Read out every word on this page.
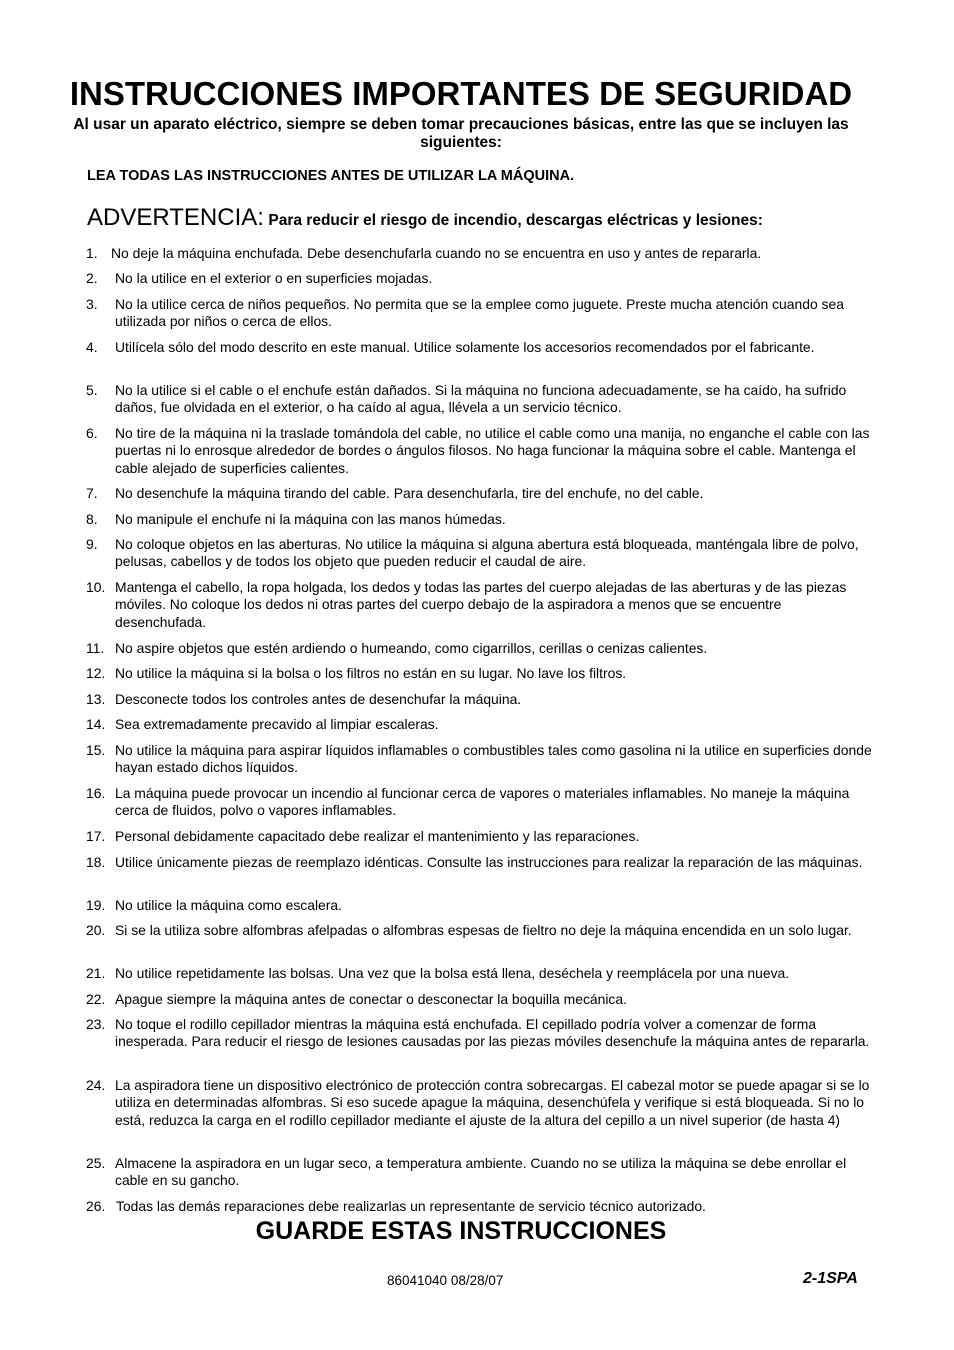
INSTRUCCIONES IMPORTANTES DE SEGURIDAD

Al usar un aparato eléctrico, siempre se deben tomar precauciones básicas, entre las que se incluyen las siguientes:

LEA TODAS LAS INSTRUCCIONES ANTES DE UTILIZAR LA MÁQUINA.

ADVERTENCIA: Para reducir el riesgo de incendio, descargas eléctricas y lesiones:

1. No deje la máquina enchufada. Debe desenchufarla cuando no se encuentra en uso y antes de repararla.
2.	No la utilice en el exterior o en superficies mojadas.
3.	No la utilice cerca de niños pequeños. No permita que se la emplee como juguete. Preste mucha atención cuando sea utilizada por niños o cerca de ellos.
4.	Utilícela sólo del modo descrito en este manual. Utilice solamente los accesorios recomendados por el fabricante.
5.	No la utilice si el cable o el enchufe están dañados. Si la máquina no funciona adecuadamente, se ha caído, ha sufrido daños, fue olvidada en el exterior, o ha caído al agua, llévela a un servicio técnico.
6.	No tire de la máquina ni la traslade tomándola del cable, no utilice el cable como una manija, no enganche el cable con las puertas ni lo enrosque alrededor de bordes o ángulos filosos. No haga funcionar la máquina sobre el cable. Mantenga el cable alejado de superficies calientes.
7.	No desenchufe la máquina tirando del cable. Para desenchufarla, tire del enchufe, no del cable.
8.	No manipule el enchufe ni la máquina con las manos húmedas.
9.	No coloque objetos en las aberturas. No utilice la máquina si alguna abertura está bloqueada, manténgala libre de polvo, pelusas, cabellos y de todos los objeto que pueden reducir el caudal de aire.
10. Mantenga el cabello, la ropa holgada, los dedos y todas las partes del cuerpo alejadas de las aberturas y de las piezas móviles. No coloque los dedos ni otras partes del cuerpo debajo de la aspiradora a menos que se encuentre desenchufada.
11. No aspire objetos que estén ardiendo o humeando, como cigarrillos, cerillas o cenizas calientes.
12. No utilice la máquina si la bolsa o los filtros no están en su lugar. No lave los filtros.
13. Desconecte todos los controles antes de desenchufar la máquina.
14. Sea extremadamente precavido al limpiar escaleras.
15. No utilice la máquina para aspirar líquidos inflamables o combustibles tales como gasolina ni la utilice en superficies donde hayan estado dichos líquidos.
16. La máquina puede provocar un incendio al funcionar cerca de vapores o materiales inflamables. No maneje la máquina cerca de fluidos, polvo o vapores inflamables.
17. Personal debidamente capacitado debe realizar el mantenimiento y las reparaciones.
18. Utilice únicamente piezas de reemplazo idénticas. Consulte las instrucciones para realizar la reparación de las máquinas.
19. No utilice la máquina como escalera.
20. Si se la utiliza sobre alfombras afelpadas o alfombras espesas de fieltro no deje la máquina encendida en un solo lugar.
21. No utilice repetidamente las bolsas. Una vez que la bolsa está llena, deséchela y reemplácela por una nueva.
22. Apague siempre la máquina antes de conectar o desconectar la boquilla mecánica.
23. No toque el rodillo cepillador mientras la máquina está enchufada. El cepillado podría volver a comenzar de forma inesperada. Para reducir el riesgo de lesiones causadas por las piezas móviles desenchufe la máquina antes de repararla.
24. La aspiradora tiene un dispositivo electrónico de protección contra sobrecargas. El cabezal motor se puede apagar si se lo utiliza en determinadas alfombras. Si eso sucede apague la máquina, desenchúfela y verifique si está bloqueada. Si no lo está, reduzca la carga en el rodillo cepillador mediante el ajuste de la altura del cepillo a un nivel superior (de hasta 4)
25. Almacene la aspiradora en un lugar seco, a temperatura ambiente. Cuando no se utiliza la máquina se debe enrollar el cable en su gancho.
26. Todas las demás reparaciones debe realizarlas un representante de servicio técnico autorizado.
GUARDE ESTAS INSTRUCCIONES
86041040 08/28/07	2-1SPA
